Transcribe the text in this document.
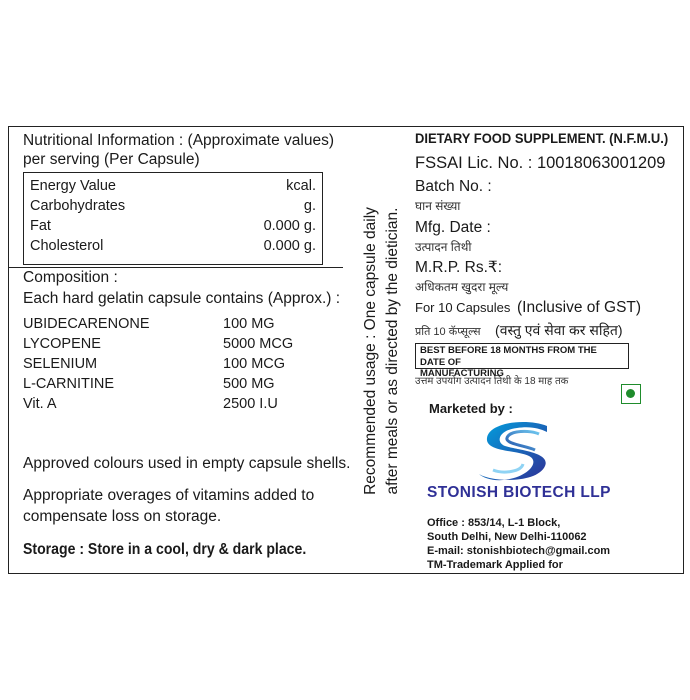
Nutritional Information : (Approximate values)
per serving (Per Capsule)
Energy Value	kcal.
Carbohydrates	g.
Fat	0.000 g.
Cholesterol	0.000 g.
Composition :
Each hard gelatin capsule contains (Approx.) :
UBIDECARENONE	100 MG
LYCOPENE	5000 MCG
SELENIUM	100 MCG
L-CARNITINE	500 MG
Vit. A	2500 I.U
Approved colours used in empty capsule shells.
Appropriate overages of vitamins added to
compensate loss on storage.
Storage : Store in a cool, dry & dark place.
Recommended usage : One capsule daily after meals or as directed by the dietician.
DIETARY FOOD SUPPLEMENT. (N.F.M.U.)
FSSAI Lic. No. : 10018063001209
Batch No. :
घान संख्या
Mfg. Date :
उत्पादन तिथी
M.R.P. Rs.₹:
अधिकतम खुदरा मूल्य
For 10 Capsules (Inclusive of GST)
प्रति 10 कॅप्सूल्स (वस्तु एवं सेवा कर सहित)
BEST BEFORE 18 MONTHS FROM THE DATE OF
MANUFACTURING
उत्तम उपयोग उत्पादन तिथी के 18 माह तक
Marketed by :
STONISH BIOTECH LLP
Office : 853/14, L-1 Block,
South Delhi, New Delhi-110062
E-mail: stonishbiotech@gmail.com
TM-Trademark Applied for
